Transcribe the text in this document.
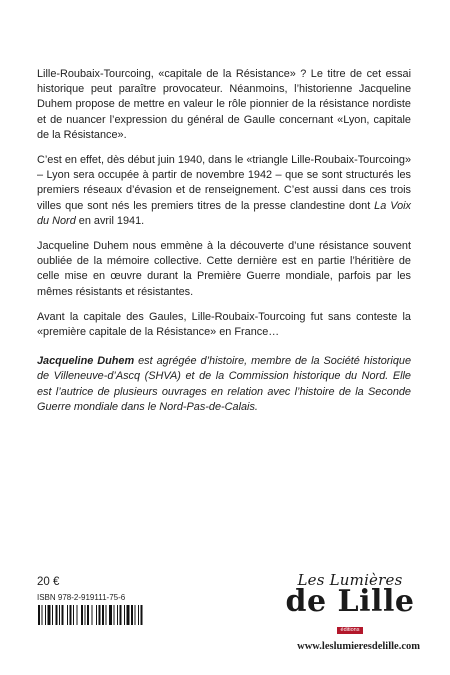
Lille-Roubaix-Tourcoing, «capitale de la Résistance» ? Le titre de cet essai historique peut paraître provocateur. Néanmoins, l’historienne Jacqueline Duhem propose de mettre en valeur le rôle pionnier de la résistance nordiste et de nuancer l’expression du général de Gaulle concernant «Lyon, capitale de la Résistance».

C’est en effet, dès début juin 1940, dans le «triangle Lille-Roubaix-Tourcoing» – Lyon sera occupée à partir de novembre 1942 – que se sont structurés les premiers réseaux d’évasion et de renseignement. C’est aussi dans ces trois villes que sont nés les premiers titres de la presse clandestine dont La Voix du Nord en avril 1941.

Jacqueline Duhem nous emmène à la découverte d’une résistance souvent oubliée de la mémoire collective. Cette dernière est en partie l’héritière de celle mise en œuvre durant la Première Guerre mondiale, parfois par les mêmes résistants et résistantes.

Avant la capitale des Gaules, Lille-Roubaix-Tourcoing fut sans conteste la «première capitale de la Résistance» en France…

Jacqueline Duhem est agrégée d’histoire, membre de la Société historique de Villeneuve-d’Ascq (SHVA) et de la Commission historique du Nord. Elle est l’autrice de plusieurs ouvrages en relation avec l’histoire de la Seconde Guerre mondiale dans le Nord-Pas-de-Calais.

20 €
ISBN 978-2-919111-75-6
Les Lumières
de Lille
éditions
www.leslumieresdelille.com
